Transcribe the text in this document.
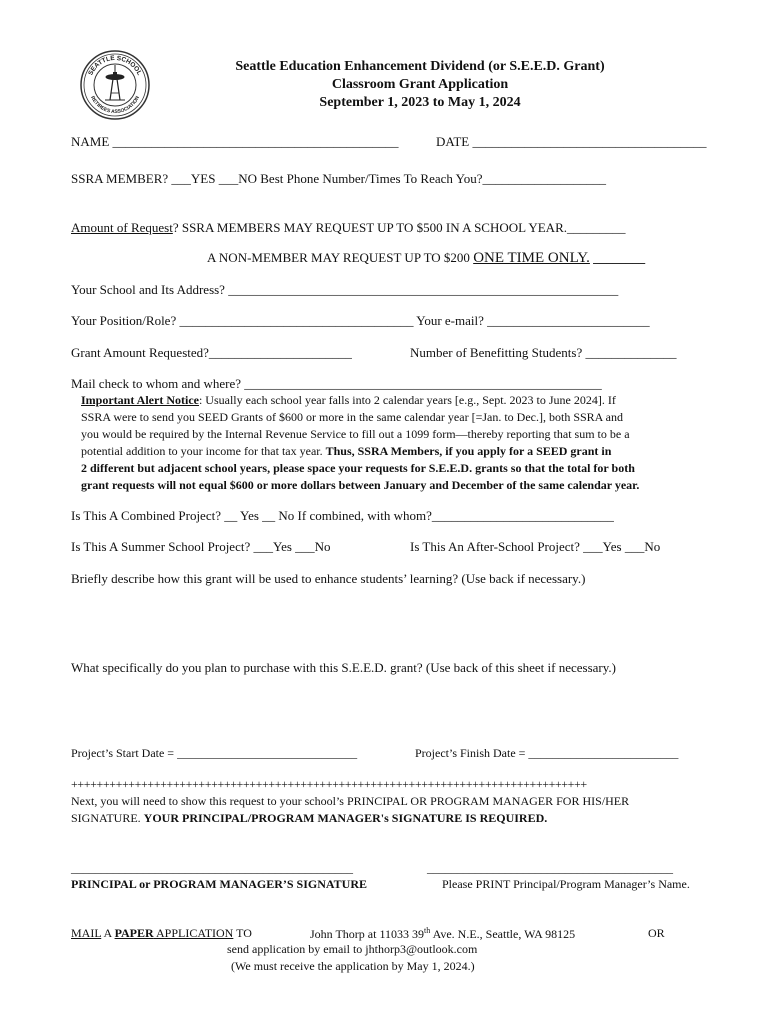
SEATTLE SCHOOL
RETIREES ASSOCIATION
Seattle Education Enhancement Dividend (or S.E.E.D. Grant)
Classroom Grant Application
September 1, 2023 to May 1, 2024
NAME ____________________________________________	DATE ____________________________________
SSRA MEMBER? ___YES ___NO Best Phone Number/Times To Reach You?___________________
Amount of Request? SSRA MEMBERS MAY REQUEST UP TO $500 IN A SCHOOL YEAR._________
A NON-MEMBER MAY REQUEST UP TO $200 ONE TIME ONLY. ________
Your School and Its Address? ____________________________________________________________
Your Position/Role? ____________________________________ Your e-mail? _________________________
Grant Amount Requested?______________________	Number of Benefitting Students? ______________
Mail check to whom and where? _______________________________________________________
Important Alert Notice: Usually each school year falls into 2 calendar years [e.g., Sept. 2023 to June 2024]. If
SSRA were to send you SEED Grants of $600 or more in the same calendar year [=Jan. to Dec.], both SSRA and
you would be required by the Internal Revenue Service to fill out a 1099 form—thereby reporting that sum to be a
potential addition to your income for that tax year. Thus, SSRA Members, if you apply for a SEED grant in
2 different but adjacent school years, please space your requests for S.E.E.D. grants so that the total for both
grant requests will not equal $600 or more dollars between January and December of the same calendar year.
Is This A Combined Project? __ Yes __ No If combined, with whom?____________________________
Is This A Summer School Project? ___Yes ___No	Is This An After-School Project? ___Yes ___No
Briefly describe how this grant will be used to enhance students’ learning? (Use back if necessary.)
What specifically do you plan to purchase with this S.E.E.D. grant? (Use back of this sheet if necessary.)
Project’s Start Date = ______________________________	Project’s Finish Date = _________________________
+++++++++++++++++++++++++++++++++++++++++++++++++++++++++++++++++++++++++++++++++
Next, you will need to show this request to your school’s PRINCIPAL OR PROGRAM MANAGER FOR HIS/HER
SIGNATURE. YOUR PRINCIPAL/PROGRAM MANAGER's SIGNATURE IS REQUIRED.
_______________________________________________	_________________________________________
PRINCIPAL or PROGRAM MANAGER’S SIGNATURE	Please PRINT Principal/Program Manager’s Name.
MAIL A PAPER APPLICATION TO	John Thorp at 11033 39th Ave. N.E., Seattle, WA 98125	OR
send application by email to jhthorp3@outlook.com
(We must receive the application by May 1, 2024.)
